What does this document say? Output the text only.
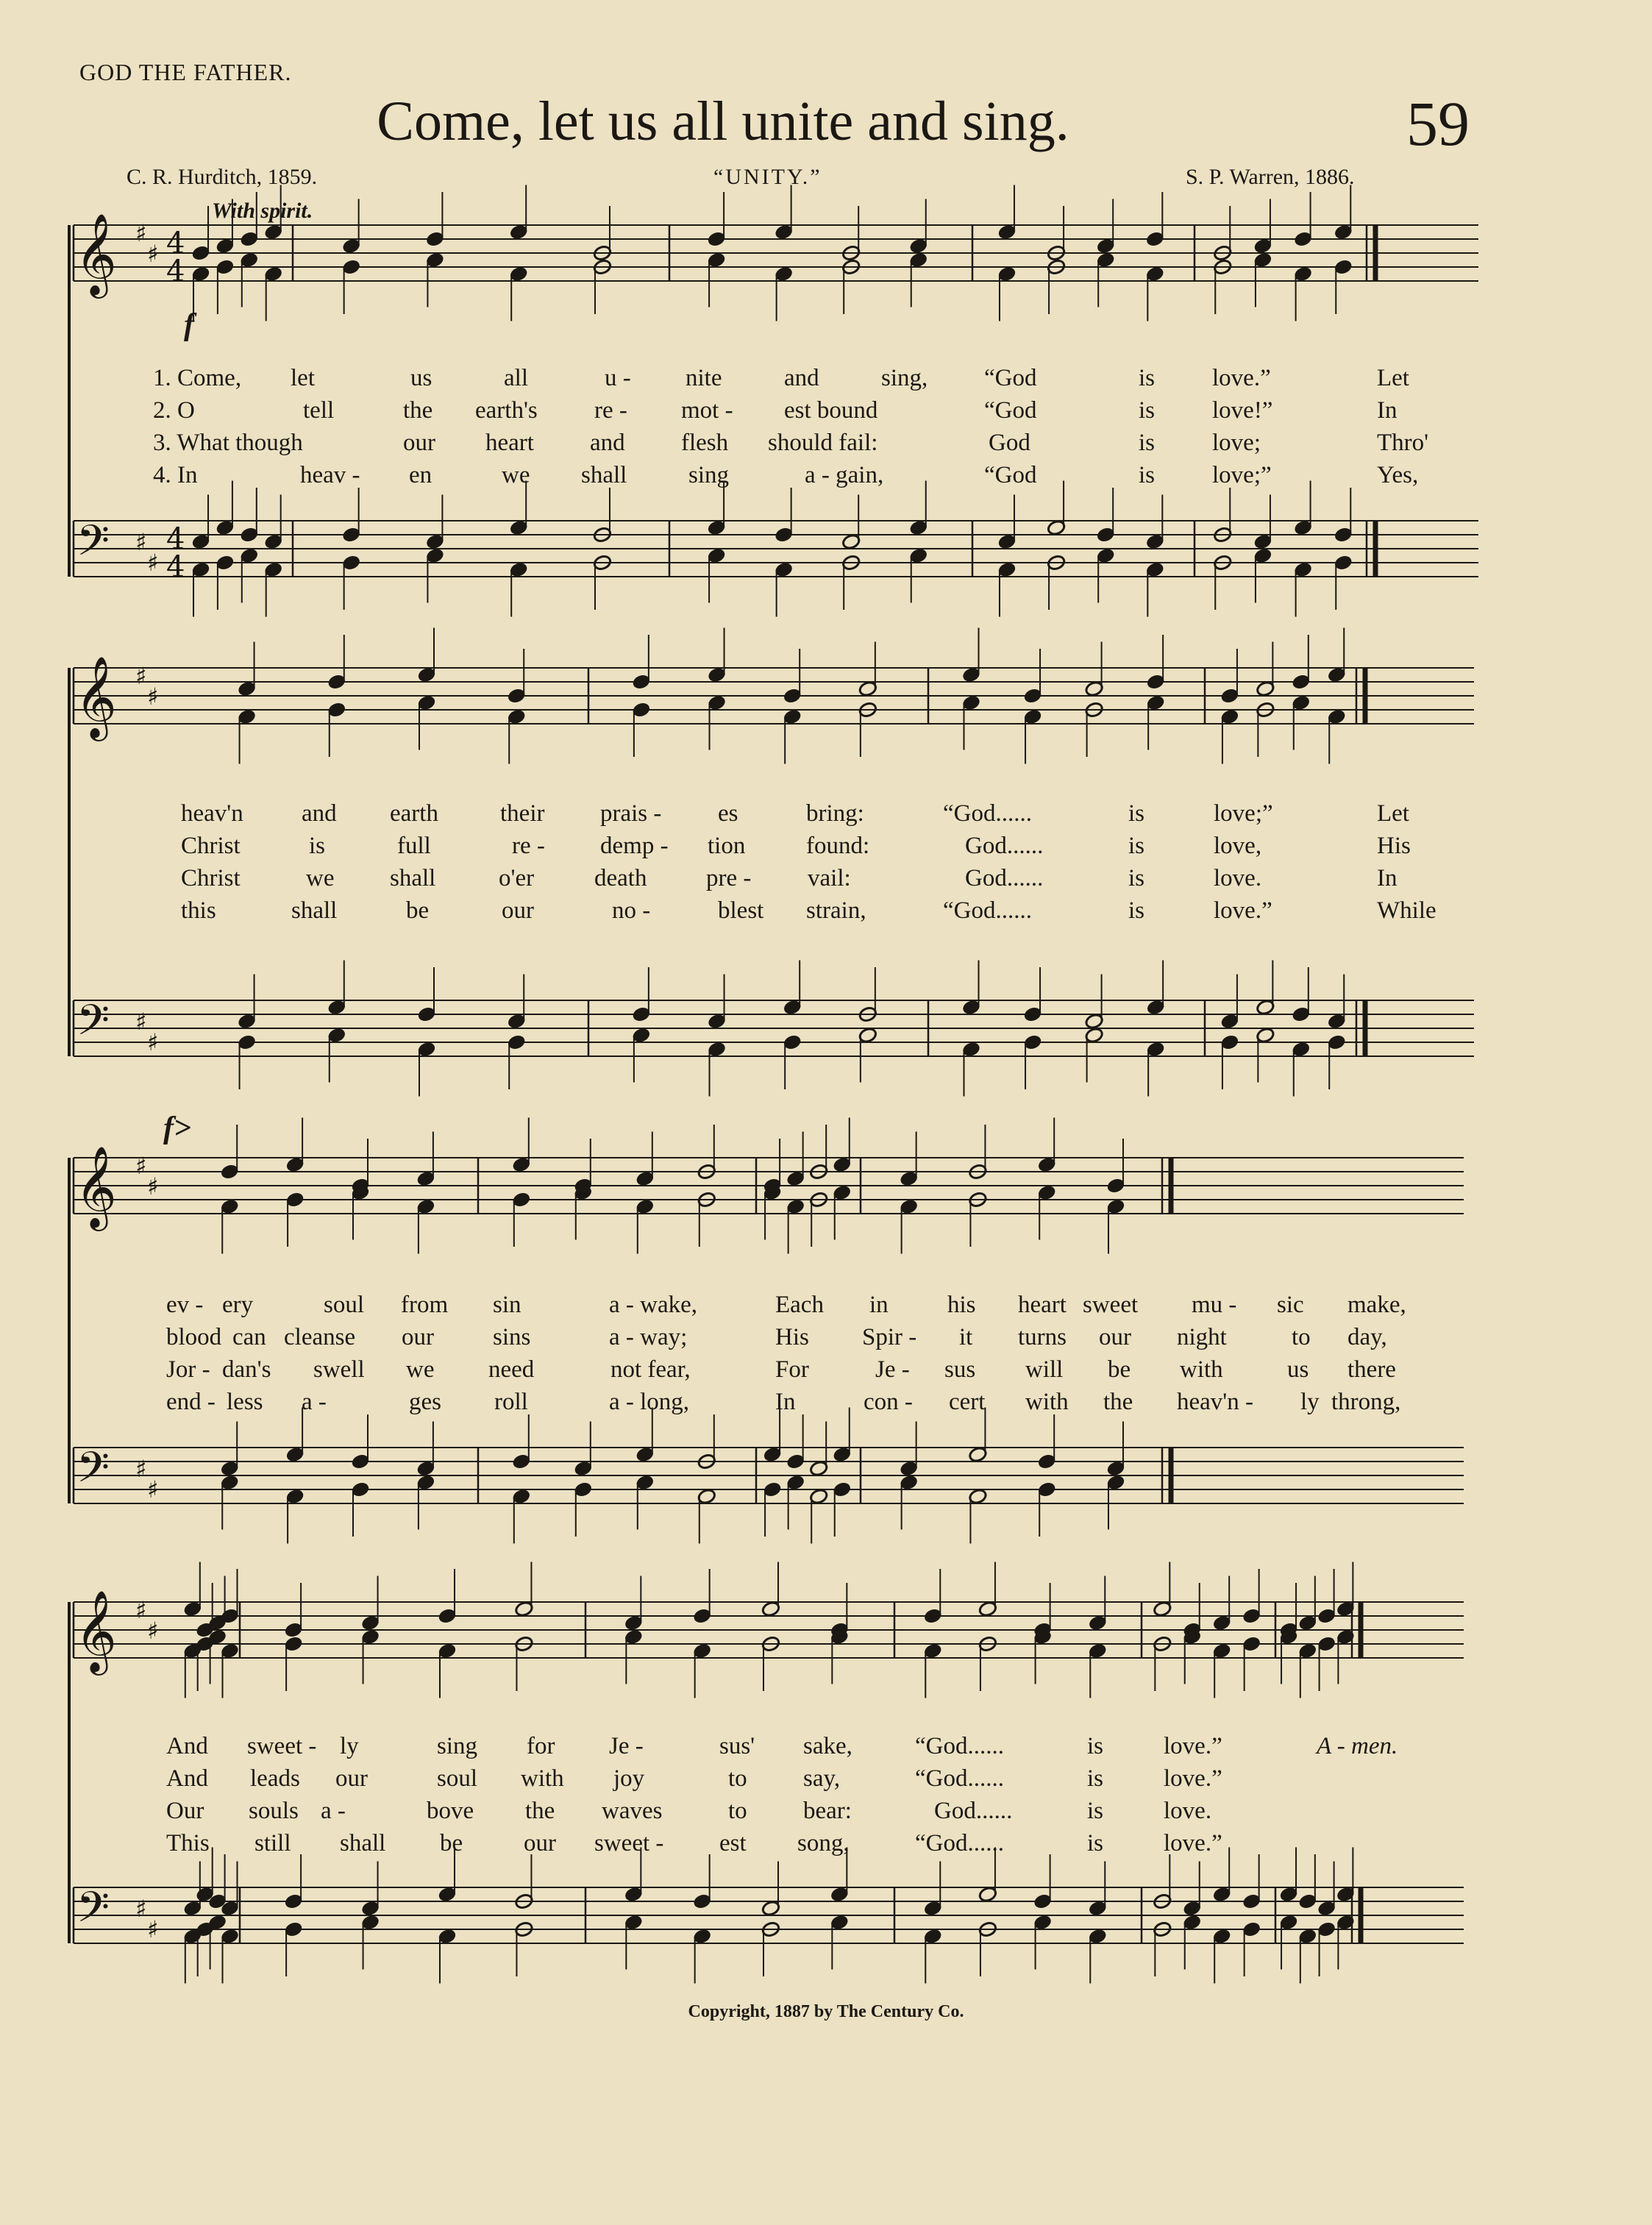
GOD THE FATHER.
Come, let us all unite and sing.	59
C. R. Hurditch, 1859.	“UNITY.”	S. P. Warren, 1886.
With spirit.
f
f>
𝄞
𝄢
♯
♯
♯
♯
4
4
4
4
𝄞
𝄢
♯
♯
♯
♯
𝄞
𝄢
♯
♯
♯
♯
𝄞
𝄢
♯
♯
♯
♯
1. Come, let	us	all	u - nite	and	sing, “God	is love.”	Let
2. O	tell	the earth's re - mot - est bound	“God	is love!”	In
3. What though	our heart and flesh should fail:	God	is love;	Thro'
4. In	heav - en	we shall	sing	a - gain,	“God	is love;”	Yes,
heav'n and earth	their prais - es	bring:	“God......	is	love;”	Let
Christ	is	full	re - demp - tion	found:	God......	is	love,	His
Christ	we shall	o'er death pre - vail:	God......	is	love.	In
this	shall	be	our	no -	blest strain,	“God......	is	love.”	While
ev - ery	soul from sin	a - wake,	Each in his heart sweet mu - sic make,
blood can cleanse our sins	a - way;	His Spir - it turns our night	to day,
Jor - dan's swell we need	not fear,	For	Je - sus will be with	us there
end - less a -	ges roll	a - long,	In	con - cert with the heav'n - ly throng,
And sweet - ly	sing for Je -	sus' sake,	“God......	is love.”	A - men.
And leads our	soul with joy	to say,	“God......	is love.”
Our souls a -	bove the waves	to bear:	God......	is love.
This still shall be	our sweet - est song,	“God......	is love.”
Copyright, 1887 by The Century Co.
